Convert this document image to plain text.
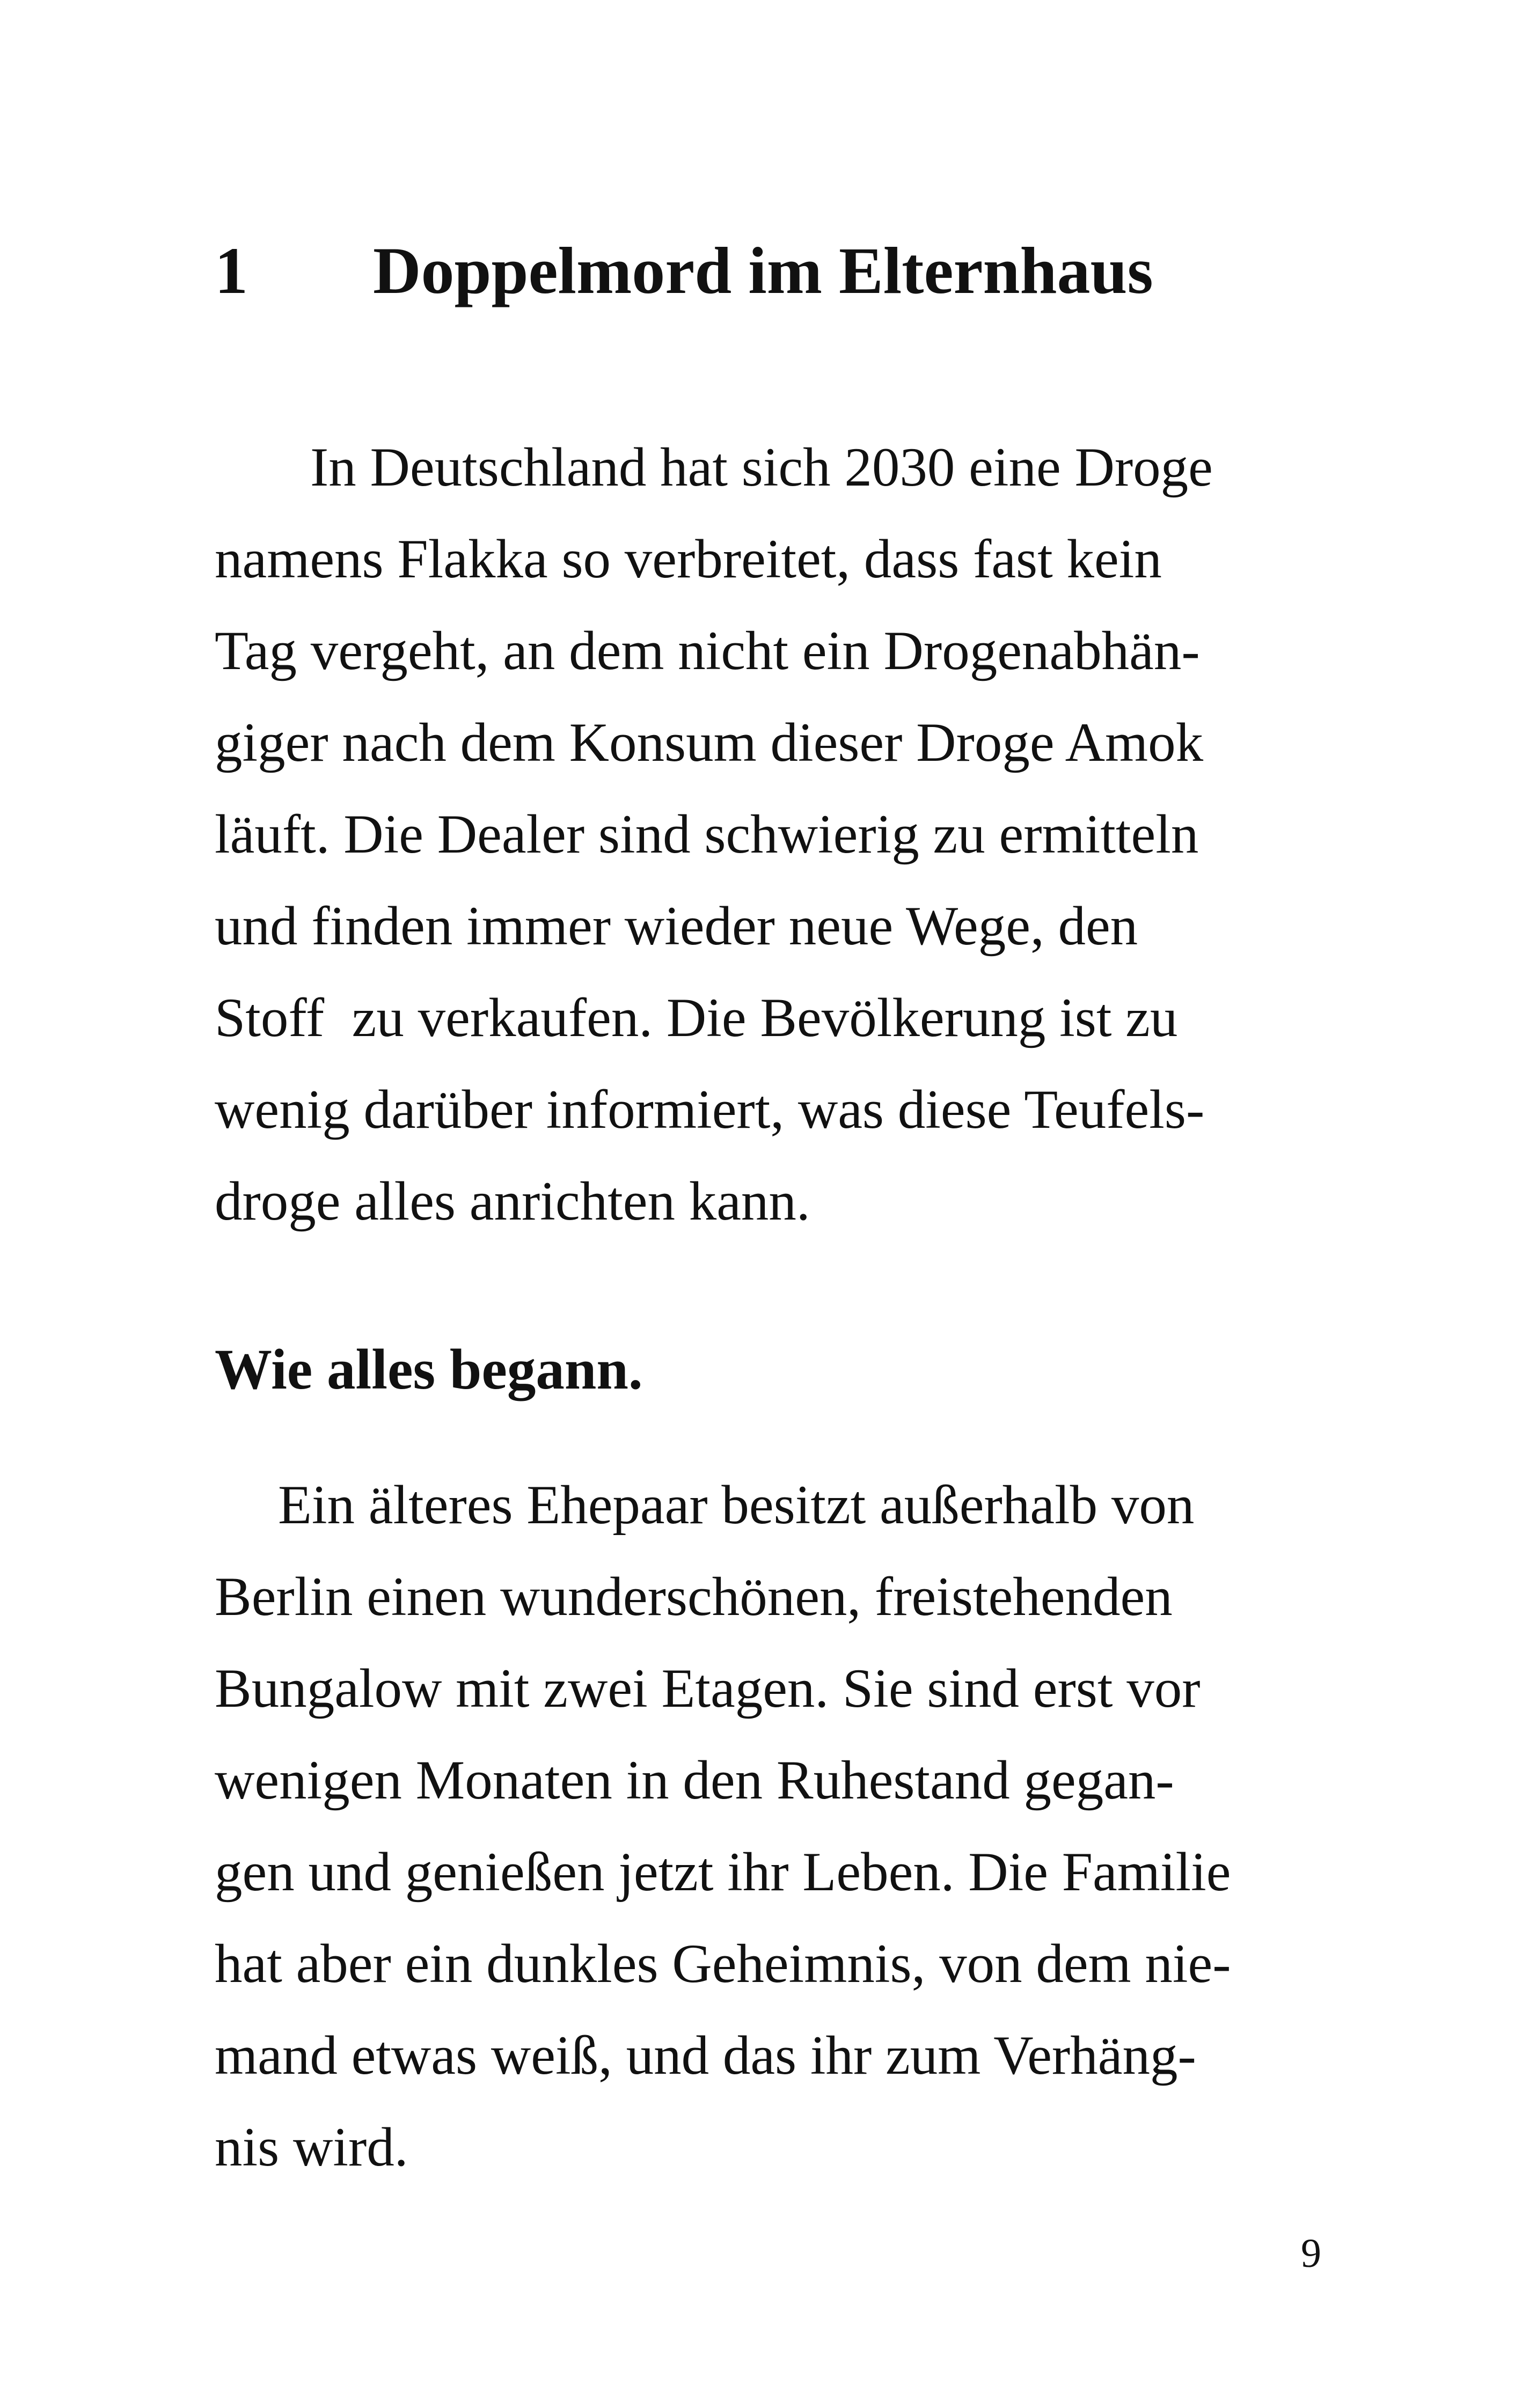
1 Doppelmord im Elternhaus
In Deutschland hat sich 2030 eine Droge
namens Flakka so verbreitet, dass fast kein
Tag vergeht, an dem nicht ein Drogenabhän-
giger nach dem Konsum dieser Droge Amok
läuft. Die Dealer sind schwierig zu ermitteln
und finden immer wieder neue Wege, den
Stoff  zu verkaufen. Die Bevölkerung ist zu
wenig darüber informiert, was diese Teufels-
droge alles anrichten kann.
Wie alles begann.
Ein älteres Ehepaar besitzt außerhalb von
Berlin einen wunderschönen, freistehenden
Bungalow mit zwei Etagen. Sie sind erst vor
wenigen Monaten in den Ruhestand gegan-
gen und genießen jetzt ihr Leben. Die Familie
hat aber ein dunkles Geheimnis, von dem nie-
mand etwas weiß, und das ihr zum Verhäng-
nis wird.
9
